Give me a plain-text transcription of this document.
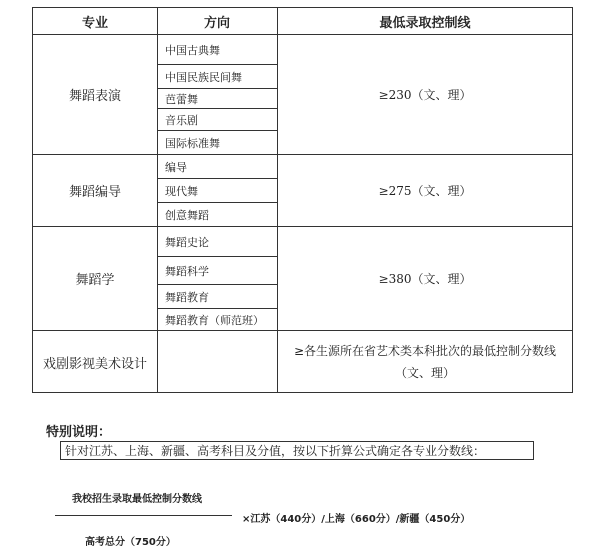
专业	方向	最低录取控制线
舞蹈表演
中国古典舞
中国民族民间舞
芭蕾舞
音乐剧
国际标准舞
≥230（文、理）
舞蹈编导
编导
现代舞
创意舞蹈
≥275（文、理）
舞蹈学
舞蹈史论
舞蹈科学
舞蹈教育
舞蹈教育（师范班）
≥380（文、理）
戏剧影视美术设计
≥各生源所在省艺术类本科批次的最低控制分数线
（文、理）
特别说明：
针对江苏、上海、新疆、高考科目及分值，按以下折算公式确定各专业分数线：
我校招生录取最低控制分数线
×江苏（440分）/上海（660分）/新疆（450分）
高考总分（750分）
